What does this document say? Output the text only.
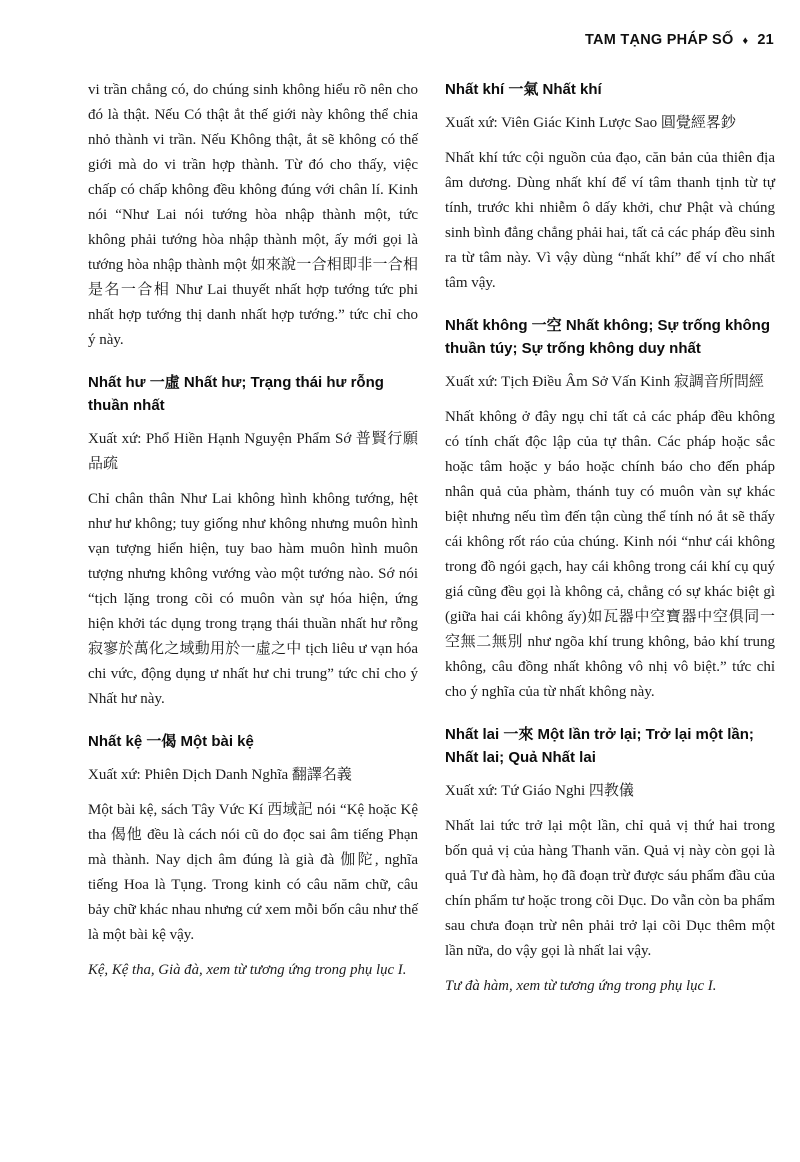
TAM TẠNG PHÁP SỐ ♦ 21

vi trần chẳng có, do chúng sinh không hiểu rõ nên cho đó là thật. Nếu Có thật ắt thế giới này không thể chia nhỏ thành vi trần. Nếu Không thật, ắt sẽ không có thế giới mà do vi trần hợp thành. Từ đó cho thấy, việc chấp có chấp không đều không đúng với chân lí. Kinh nói “Như Lai nói tướng hòa nhập thành một, tức không phải tướng hòa nhập thành một, ấy mới gọi là tướng hòa nhập thành một 如來說一合相即非一合相是名一合相 Như Lai thuyết nhất hợp tướng tức phi nhất hợp tướng thị danh nhất hợp tướng.” tức chỉ cho ý này.

Nhất hư 一虛 Nhất hư; Trạng thái hư rỗng thuần nhất

Xuất xứ: Phổ Hiền Hạnh Nguyện Phẩm Sớ 普賢行願品疏

Chỉ chân thân Như Lai không hình không tướng, hệt như hư không; tuy giống như không nhưng muôn hình vạn tượng hiển hiện, tuy bao hàm muôn hình muôn tượng nhưng không vướng vào một tướng nào. Sớ nói “tịch lặng trong cõi có muôn vàn sự hóa hiện, ứng hiện khởi tác dụng trong trạng thái thuần nhất hư rỗng 寂寥於萬化之域動用於一虛之中 tịch liêu ư vạn hóa chi vức, động dụng ư nhất hư chi trung” tức chỉ cho ý Nhất hư này.

Nhất kệ 一偈 Một bài kệ

Xuất xứ: Phiên Dịch Danh Nghĩa 翻譯名義

Một bài kệ, sách Tây Vức Kí 西域記 nói “Kệ hoặc Kệ tha 偈他 đều là cách nói cũ do đọc sai âm tiếng Phạn mà thành. Nay dịch âm đúng là già đà 伽陀, nghĩa tiếng Hoa là Tụng. Trong kinh có câu năm chữ, câu bảy chữ khác nhau nhưng cứ xem mỗi bốn câu như thế là một bài kệ vậy.

Kệ, Kệ tha, Già đà, xem từ tương ứng trong phụ lục I.

Nhất khí 一氣 Nhất khí

Xuất xứ: Viên Giác Kinh Lược Sao 圓覺經畧鈔

Nhất khí tức cội nguồn của đạo, căn bản của thiên địa âm dương. Dùng nhất khí để ví tâm thanh tịnh từ tự tính, trước khi nhiễm ô dấy khởi, chư Phật và chúng sinh bình đẳng chẳng phải hai, tất cả các pháp đều sinh ra từ tâm này. Vì vậy dùng “nhất khí” để ví cho nhất tâm vậy.

Nhất không 一空 Nhất không; Sự trống không thuần túy; Sự trống không duy nhất

Xuất xứ: Tịch Điều Âm Sở Vấn Kinh 寂調音所問經

Nhất không ở đây ngụ chỉ tất cả các pháp đều không có tính chất độc lập của tự thân. Các pháp hoặc sắc hoặc tâm hoặc y báo hoặc chính báo cho đến pháp nhân quả của phàm, thánh tuy có muôn vàn sự khác biệt nhưng nếu tìm đến tận cùng thể tính nó ắt sẽ thấy cái không rốt ráo của chúng. Kinh nói “như cái không trong đồ ngói gạch, hay cái không trong cái khí cụ quý giá cũng đều gọi là không cả, chẳng có sự khác biệt gì (giữa hai cái không ấy)如瓦器中空寶器中空俱同一空無二無別 như ngõa khí trung không, bảo khí trung không, câu đồng nhất không vô nhị vô biệt.” tức chỉ cho ý nghĩa của từ nhất không này.

Nhất lai 一來 Một lần trở lại; Trở lại một lần; Nhất lai; Quả Nhất lai

Xuất xứ: Tứ Giáo Nghi 四教儀

Nhất lai tức trở lại một lần, chỉ quả vị thứ hai trong bốn quả vị của hàng Thanh văn. Quả vị này còn gọi là quả Tư đà hàm, họ đã đoạn trừ được sáu phẩm đầu của chín phẩm tư hoặc trong cõi Dục. Do vẫn còn ba phẩm sau chưa đoạn trừ nên phải trở lại cõi Dục thêm một lần nữa, do vậy gọi là nhất lai vậy.

Tư đà hàm, xem từ tương ứng trong phụ lục I.
